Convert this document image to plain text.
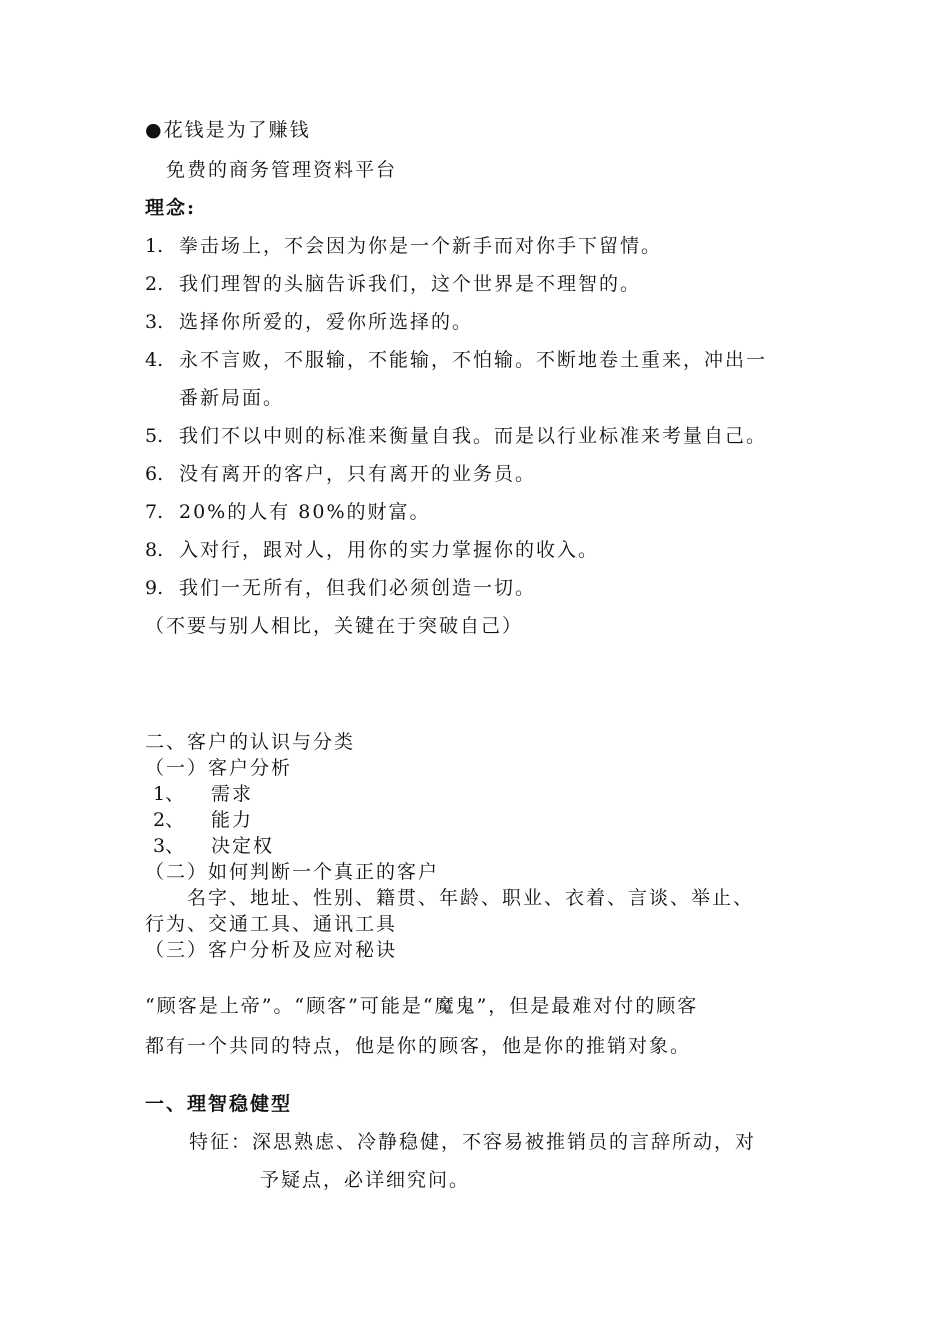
●花钱是为了赚钱
免费的商务管理资料平台
理念:
1. 拳击场上，不会因为你是一个新手而对你手下留情。
2. 我们理智的头脑告诉我们，这个世界是不理智的。
3. 选择你所爱的，爱你所选择的。
4. 永不言败，不服输，不能输，不怕输。不断地卷土重来，冲出一
番新局面。
5. 我们不以中则的标准来衡量自我。而是以行业标准来考量自己。
6. 没有离开的客户，只有离开的业务员。
7. 20%的人有 80%的财富。
8. 入对行，跟对人，用你的实力掌握你的收入。
9. 我们一无所有，但我们必须创造一切。
（不要与别人相比，关键在于突破自己）
二、客户的认识与分类
（一）客户分析
1、 需求
2、 能力
3、 决定权
（二）如何判断一个真正的客户
名字、地址、性别、籍贯、年龄、职业、衣着、言谈、举止、
行为、交通工具、通讯工具
（三）客户分析及应对秘诀
“顾客是上帝”。“顾客”可能是“魔鬼”，但是最难对付的顾客
都有一个共同的特点，他是你的顾客，他是你的推销对象。
一、理智稳健型
特征：深思熟虑、冷静稳健，不容易被推销员的言辞所动，对
予疑点，必详细究问。
